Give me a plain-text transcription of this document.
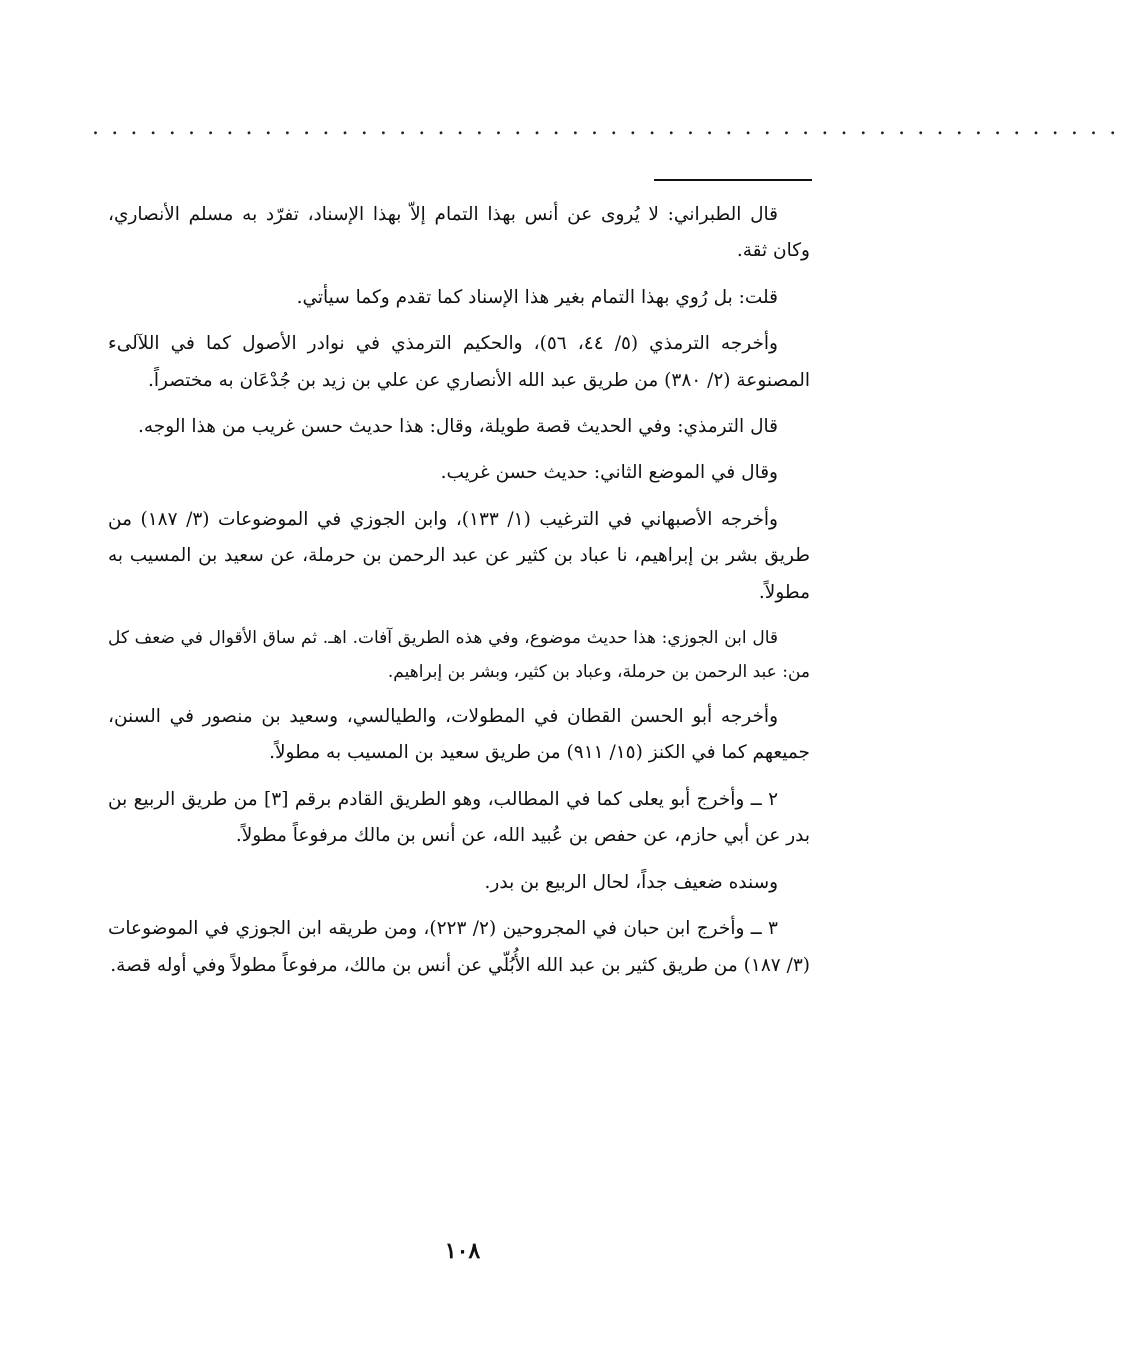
......................................................

قال الطبراني: لا يُروى عن أنس بهذا التمام إلاّ بهذا الإسناد، تفرّد به مسلم الأنصاري، وكان ثقة.

قلت: بل رُوي بهذا التمام بغير هذا الإسناد كما تقدم وكما سيأتي.

وأخرجه الترمذي (٥/ ٤٤، ٥٦)، والحكيم الترمذي في نوادر الأصول كما في اللآلىء المصنوعة (٢/ ٣٨٠) من طريق عبد الله الأنصاري عن علي بن زيد بن جُدْعَان به مختصراً.

قال الترمذي: وفي الحديث قصة طويلة، وقال: هذا حديث حسن غريب من هذا الوجه.

وقال في الموضع الثاني: حديث حسن غريب.

وأخرجه الأصبهاني في الترغيب (١/ ١٣٣)، وابن الجوزي في الموضوعات (٣/ ١٨٧) من طريق بشر بن إبراهيم، نا عباد بن كثير عن عبد الرحمن بن حرملة، عن سعيد بن المسيب به مطولاً.

قال ابن الجوزي: هذا حديث موضوع، وفي هذه الطريق آفات. اهـ. ثم ساق الأقوال في ضعف كل من: عبد الرحمن بن حرملة، وعباد بن كثير، وبشر بن إبراهيم.

وأخرجه أبو الحسن القطان في المطولات، والطيالسي، وسعيد بن منصور في السنن، جميعهم كما في الكنز (١٥/ ٩١١) من طريق سعيد بن المسيب به مطولاً.

٢ ــ وأخرج أبو يعلى كما في المطالب، وهو الطريق القادم برقم [٣] من طريق الربيع بن بدر عن أبي حازم، عن حفص بن عُبيد الله، عن أنس بن مالك مرفوعاً مطولاً.

وسنده ضعيف جداً، لحال الربيع بن بدر.

٣ ــ وأخرج ابن حبان في المجروحين (٢/ ٢٢٣)، ومن طريقه ابن الجوزي في الموضوعات (٣/ ١٨٧) من طريق كثير بن عبد الله الأُبُلّي عن أنس بن مالك، مرفوعاً مطولاً وفي أوله قصة.

١٠٨
